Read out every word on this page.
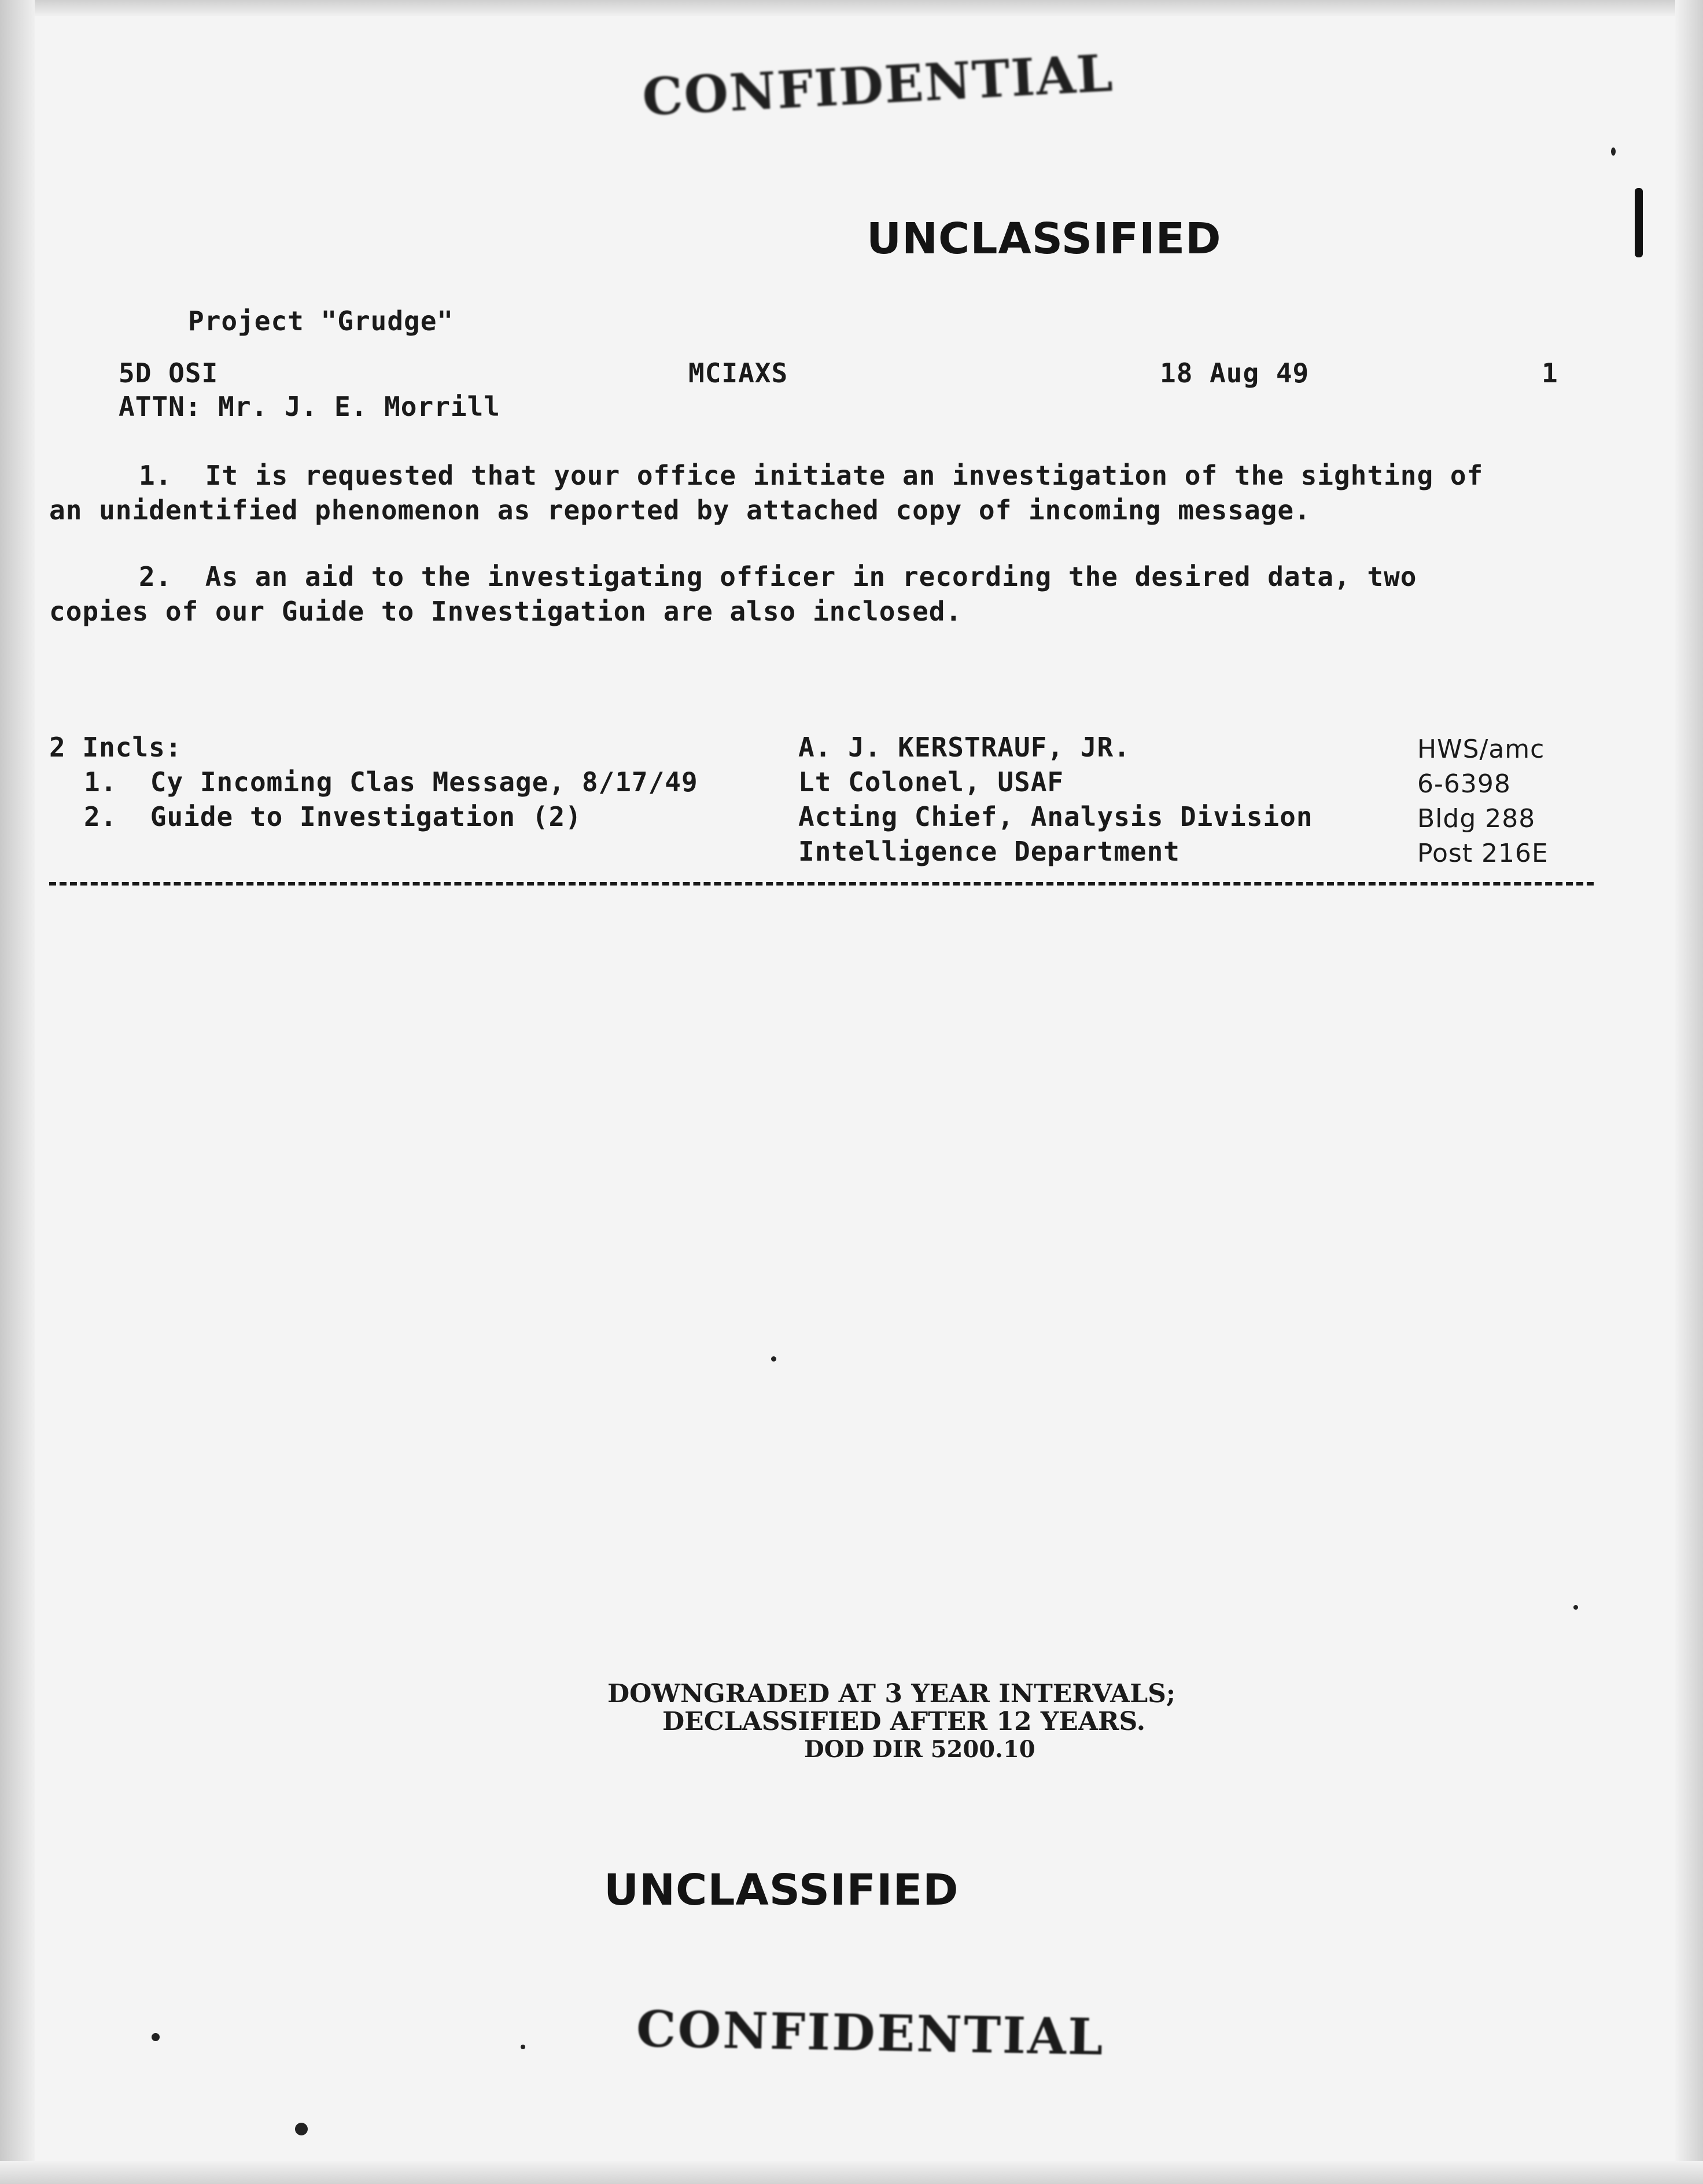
CONFIDENTIAL
UNCLASSIFIED
Project "Grudge"
5D OSI
ATTN: Mr. J. E. Morrill
MCIAXS	18 Aug 49	1
1.  It is requested that your office initiate an investigation of the sighting of
an unidentified phenomenon as reported by attached copy of incoming message.
2.  As an aid to the investigating officer in recording the desired data, two
copies of our Guide to Investigation are also inclosed.
2 Incls:
1.  Cy Incoming Clas Message, 8/17/49
2.  Guide to Investigation (2)
A. J. KERSTRAUF, JR.
Lt Colonel, USAF
Acting Chief, Analysis Division
Intelligence Department
HWS/amc
6-6398
Bldg 288
Post 216E
DOWNGRADED AT 3 YEAR INTERVALS;
DECLASSIFIED AFTER 12 YEARS.
DOD DIR 5200.10
UNCLASSIFIED
CONFIDENTIAL
